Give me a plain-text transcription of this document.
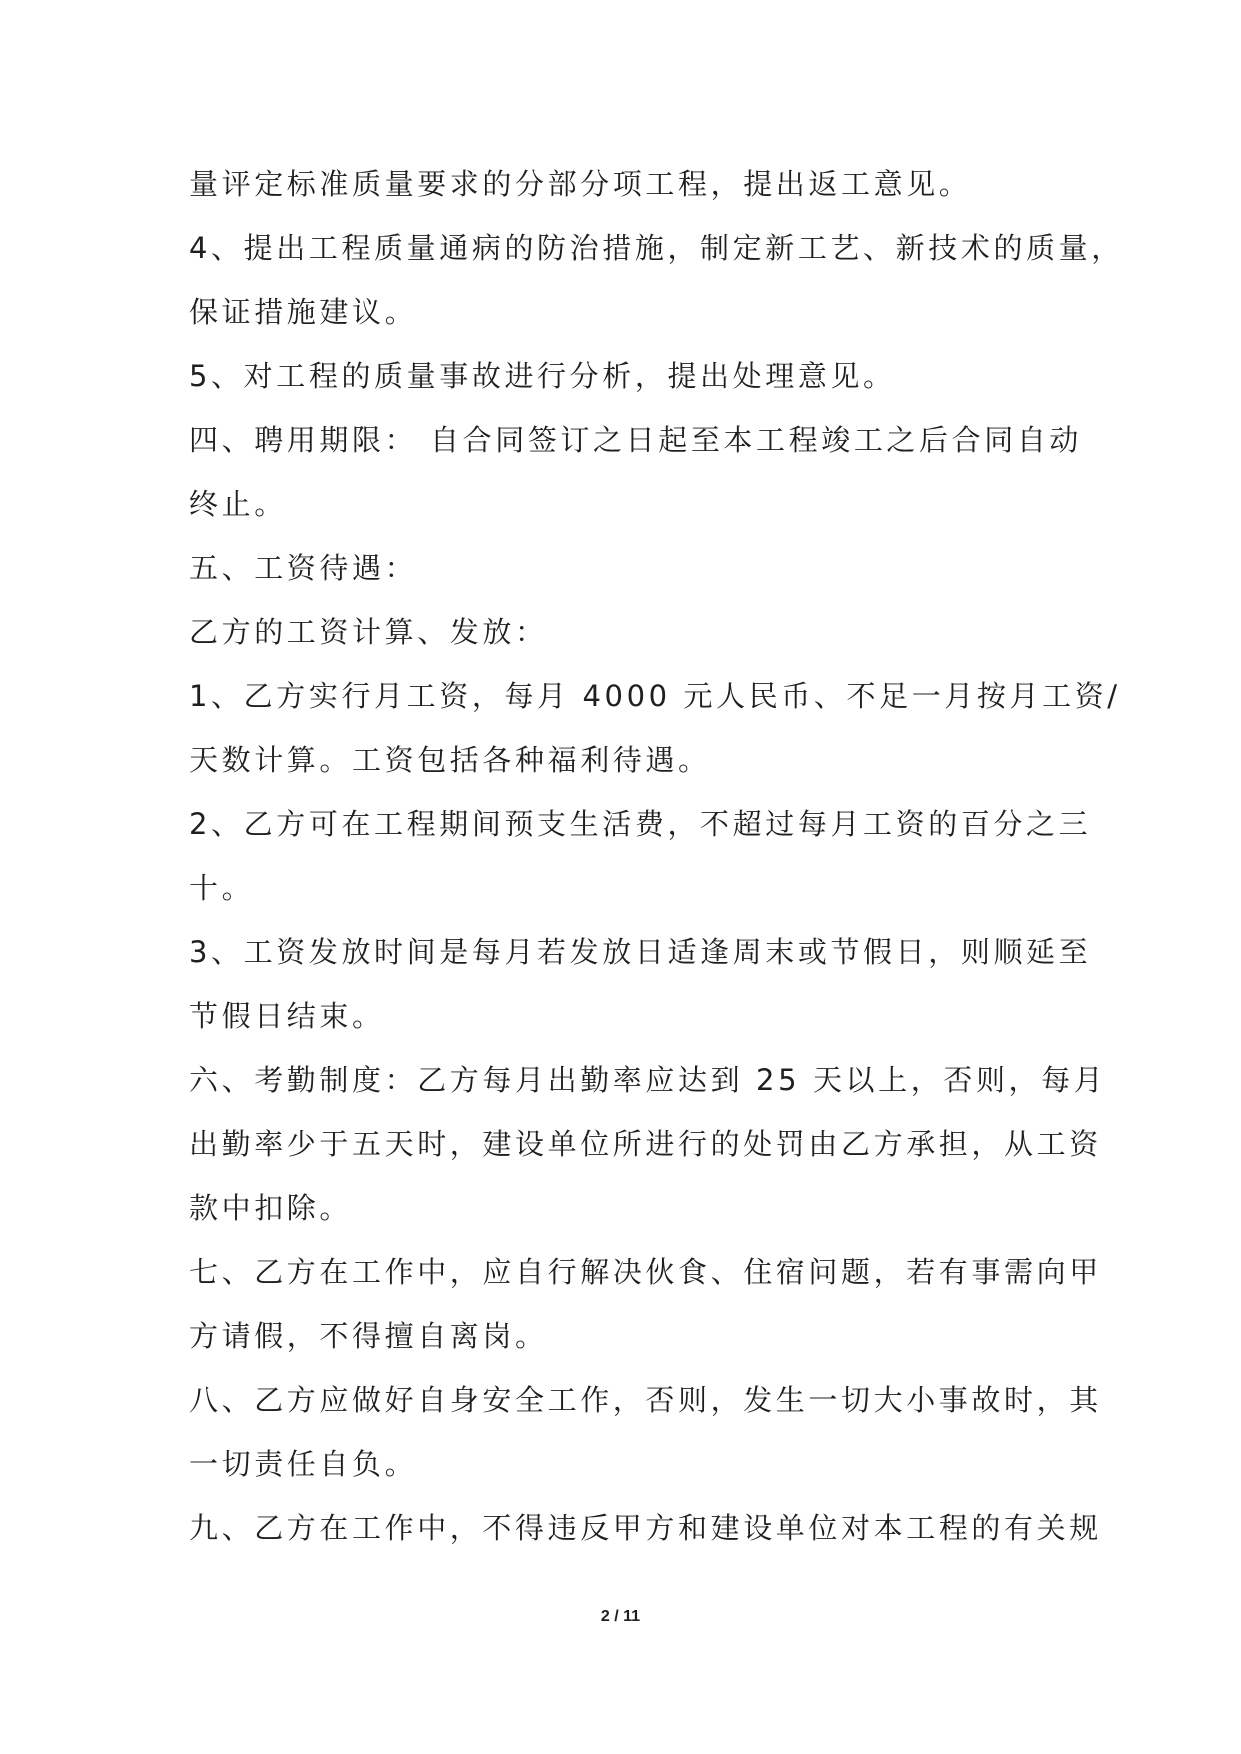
量评定标准质量要求的分部分项工程，提出返工意见。
4、提出工程质量通病的防治措施，制定新工艺、新技术的质量，
保证措施建议。
5、对工程的质量事故进行分析，提出处理意见。
四、聘用期限： 自合同签订之日起至本工程竣工之后合同自动
终止。
五、工资待遇：
乙方的工资计算、发放：
1、乙方实行月工资，每月 4000 元人民币、不足一月按月工资/
天数计算。工资包括各种福利待遇。
2、乙方可在工程期间预支生活费，不超过每月工资的百分之三
十。
3、工资发放时间是每月若发放日适逢周末或节假日，则顺延至
节假日结束。
六、考勤制度：乙方每月出勤率应达到 25 天以上，否则，每月
出勤率少于五天时，建设单位所进行的处罚由乙方承担，从工资
款中扣除。
七、乙方在工作中，应自行解决伙食、住宿问题，若有事需向甲
方请假，不得擅自离岗。
八、乙方应做好自身安全工作，否则，发生一切大小事故时，其
一切责任自负。
九、乙方在工作中，不得违反甲方和建设单位对本工程的有关规
2 / 11
